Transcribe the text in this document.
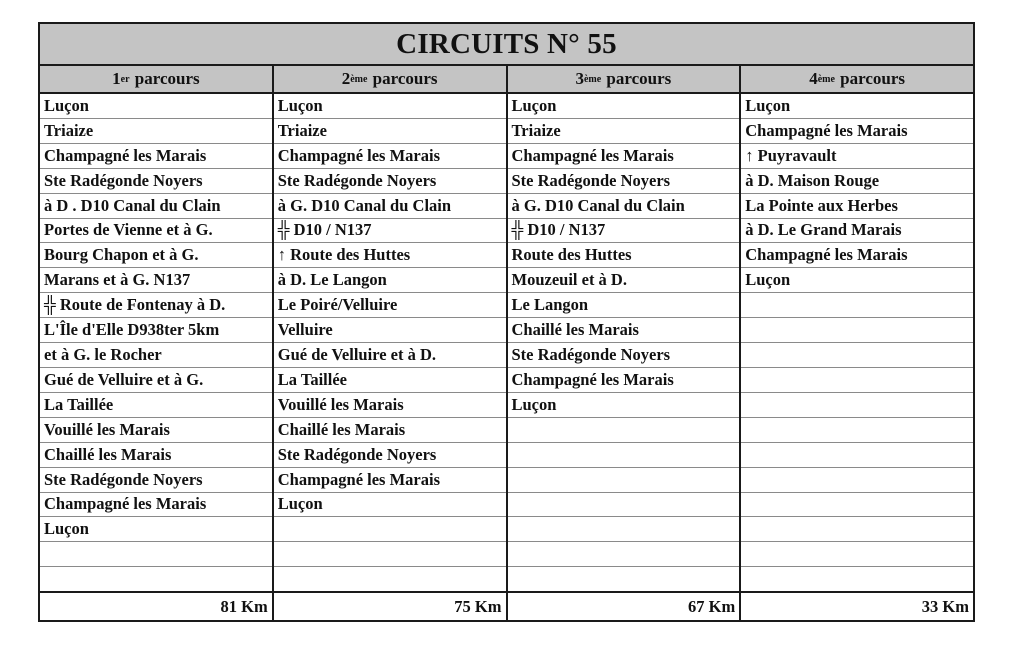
CIRCUITS N° 55
1 er parcours
Luçon
Triaize
Champagné les Marais
Ste Radégonde Noyers
à D . D10 Canal du Clain
Portes de Vienne et à G.
Bourg Chapon et à G.
Marans et à G. N137
╬ Route de Fontenay à D.
L'Île d'Elle D938ter 5km
et à G. le Rocher
Gué de Velluire et à G.
La Taillée
Vouillé les Marais
Chaillé les Marais
Ste Radégonde Noyers
Champagné les Marais
Luçon
81 Km
2 ème parcours
Luçon
Triaize
Champagné les Marais
Ste Radégonde Noyers
à G. D10 Canal du Clain
╬ D10 / N137
↑ Route des Huttes
à D. Le Langon
Le Poiré/Velluire
Velluire
Gué de Velluire et à D.
La Taillée
Vouillé les Marais
Chaillé les Marais
Ste Radégonde Noyers
Champagné les Marais
Luçon
75 Km
3 ème parcours
Luçon
Triaize
Champagné les Marais
Ste Radégonde Noyers
à G. D10 Canal du Clain
╬ D10 / N137
Route des Huttes
Mouzeuil et à D.
Le Langon
Chaillé les Marais
Ste Radégonde Noyers
Champagné les Marais
Luçon
67 Km
4 ème parcours
Luçon
Champagné les Marais
↑ Puyravault
à D. Maison Rouge
La Pointe aux Herbes
à D. Le Grand Marais
Champagné les Marais
Luçon
33 Km
